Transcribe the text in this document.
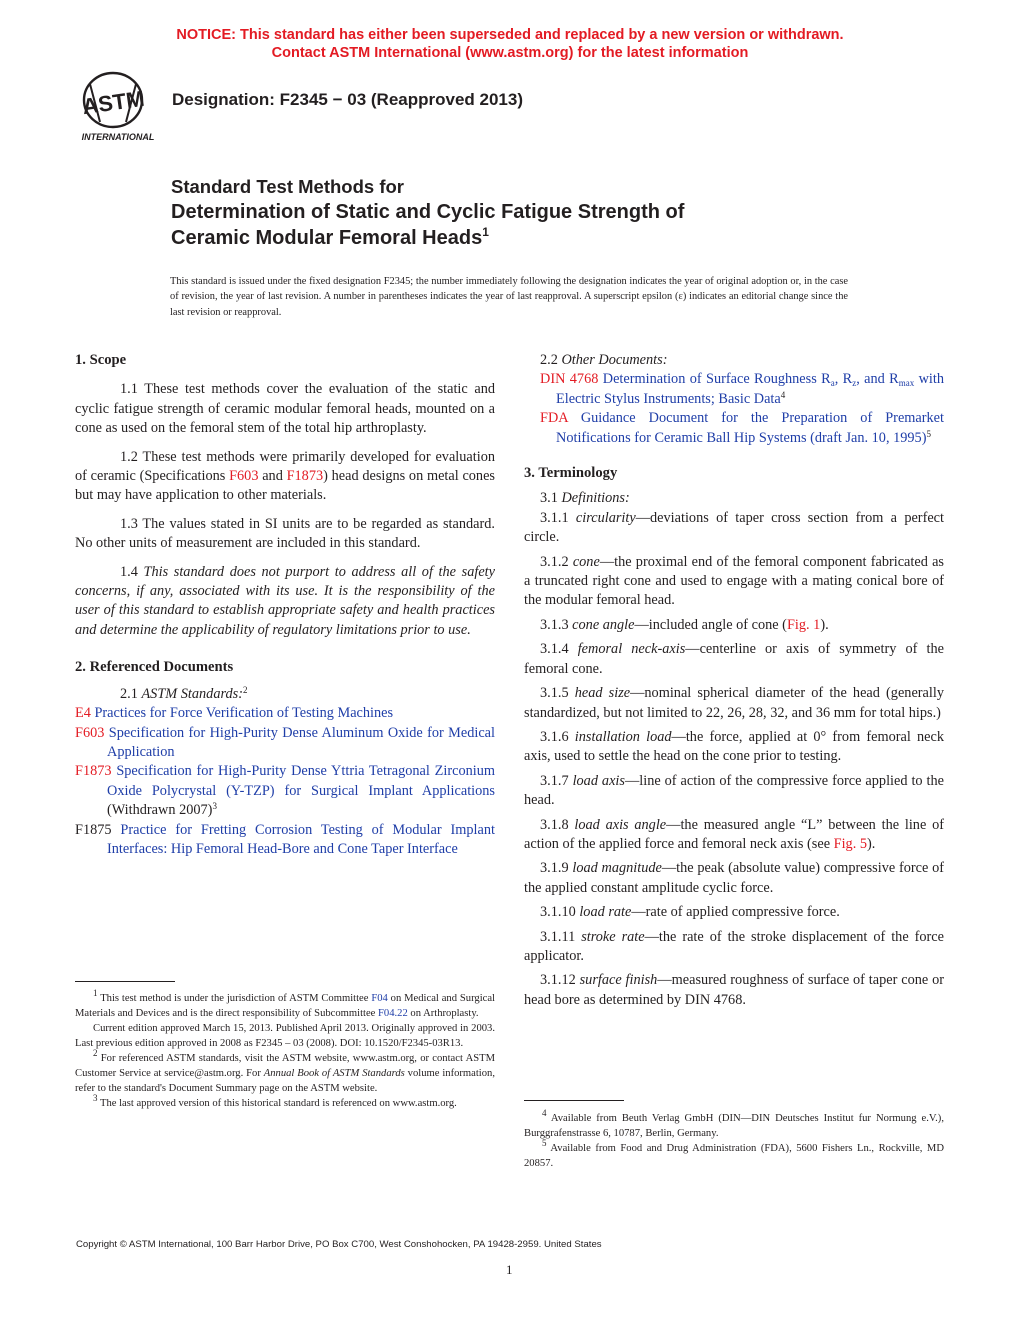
NOTICE: This standard has either been superseded and replaced by a new version or withdrawn.
Contact ASTM International (www.astm.org) for the latest information
ASTM
INTERNATIONAL
Designation: F2345 − 03 (Reapproved 2013)
Standard Test Methods for
Determination of Static and Cyclic Fatigue Strength of
Ceramic Modular Femoral Heads$^1$
This standard is issued under the fixed designation F2345; the number immediately following the designation indicates the year of original adoption or, in the case of revision, the year of last revision. A number in parentheses indicates the year of last reapproval. A superscript epsilon (ε) indicates an editorial change since the last revision or reapproval.

1. Scope

1.1 These test methods cover the evaluation of the static and cyclic fatigue strength of ceramic modular femoral heads, mounted on a cone as used on the femoral stem of the total hip arthroplasty.

1.2 These test methods were primarily developed for evaluation of ceramic (Specifications F603 and F1873) head designs on metal cones but may have application to other materials.

1.3 The values stated in SI units are to be regarded as standard. No other units of measurement are included in this standard.

1.4 This standard does not purport to address all of the safety concerns, if any, associated with its use. It is the responsibility of the user of this standard to establish appropriate safety and health practices and determine the applicability of regulatory limitations prior to use.

2. Referenced Documents

2.1 ASTM Standards:$^2$

E4 Practices for Force Verification of Testing Machines

F603 Specification for High-Purity Dense Aluminum Oxide for Medical Application

F1873 Specification for High-Purity Dense Yttria Tetragonal Zirconium Oxide Polycrystal (Y-TZP) for Surgical Implant Applications (Withdrawn 2007)$^3$

F1875 Practice for Fretting Corrosion Testing of Modular Implant Interfaces: Hip Femoral Head-Bore and Cone Taper Interface

$^1$ This test method is under the jurisdiction of ASTM Committee F04 on Medical and Surgical Materials and Devices and is the direct responsibility of Subcommittee F04.22 on Arthroplasty.

Current edition approved March 15, 2013. Published April 2013. Originally approved in 2003. Last previous edition approved in 2008 as F2345 – 03 (2008). DOI: 10.1520/F2345-03R13.

$^2$ For referenced ASTM standards, visit the ASTM website, www.astm.org, or contact ASTM Customer Service at service@astm.org. For Annual Book of ASTM Standards volume information, refer to the standard's Document Summary page on the ASTM website.

$^3$ The last approved version of this historical standard is referenced on www.astm.org.

2.2 Other Documents:

DIN 4768 Determination of Surface Roughness $R_a$, $R_z$, and $R_{max}$ with Electric Stylus Instruments; Basic Data$^4$

FDA Guidance Document for the Preparation of Premarket Notifications for Ceramic Ball Hip Systems (draft Jan. 10, 1995)$^5$

3. Terminology

3.1 Definitions:

3.1.1 circularity—deviations of taper cross section from a perfect circle.

3.1.2 cone—the proximal end of the femoral component fabricated as a truncated right cone and used to engage with a mating conical bore of the modular femoral head.

3.1.3 cone angle—included angle of cone (Fig. 1).

3.1.4 femoral neck-axis—centerline or axis of symmetry of the femoral cone.

3.1.5 head size—nominal spherical diameter of the head (generally standardized, but not limited to 22, 26, 28, 32, and 36 mm for total hips.)

3.1.6 installation load—the force, applied at 0° from femoral neck axis, used to settle the head on the cone prior to testing.

3.1.7 load axis—line of action of the compressive force applied to the head.

3.1.8 load axis angle—the measured angle “L” between the line of action of the applied force and femoral neck axis (see Fig. 5).

3.1.9 load magnitude—the peak (absolute value) compressive force of the applied constant amplitude cyclic force.

3.1.10 load rate—rate of applied compressive force.

3.1.11 stroke rate—the rate of the stroke displacement of the force applicator.

3.1.12 surface finish—measured roughness of surface of taper cone or head bore as determined by DIN 4768.

$^4$ Available from Beuth Verlag GmbH (DIN—DIN Deutsches Institut fur Normung e.V.), Burggrafenstrasse 6, 10787, Berlin, Germany.

$^5$ Available from Food and Drug Administration (FDA), 5600 Fishers Ln., Rockville, MD 20857.

Copyright © ASTM International, 100 Barr Harbor Drive, PO Box C700, West Conshohocken, PA 19428-2959. United States
1
